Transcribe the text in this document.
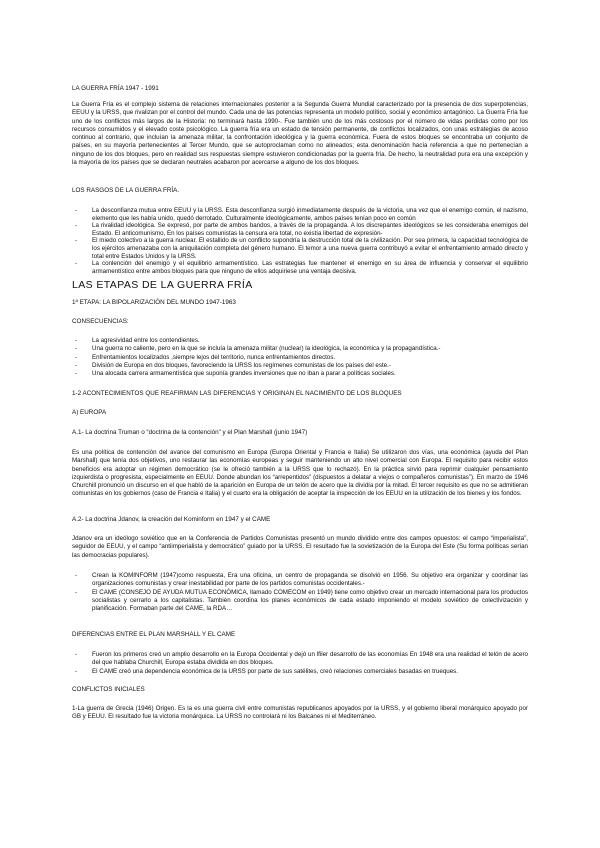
LA GUERRA FRÍA 1947 - 1991

La Guerra Fría es el complejo sistema de relaciones internacionales posterior a la Segunda Guerra Mundial caracterizado por la presencia de dos superpotencias, EEUU y la URSS, que rivalizan por el control del mundo. Cada una de las potencias representa un modelo político, social y económico antagónico. La Guerra Fría fue uno de los conflictos más largos de la Historia: no terminará hasta 1990-. Fue también uno de los más costosos por el número de vidas perdidas como por los recursos consumidos y el elevado coste psicológico. La guerra fría era un estado de tensión permanente, de conflictos localizados, con unas estrategias de acoso continuo al contrario, que incluían la amenaza militar, la confrontación ideológica y la guerra económica. Fuera de estos bloques se encontraba un conjunto de países, en su mayoría pertenecientes al Tercer Mundo, que se autoproclaman como no alineados; esta denominación hacía referencia a que no pertenecían a ninguno de los dos bloques, pero en realidad sus respuestas siempre estuvieron condicionadas por la guerra fría. De hecho, la neutralidad pura era una excepción y la mayoría de los países que se declaran neutrales acabaron por acercarse a alguno de los dos bloques.

LOS RASGOS DE LA GUERRA FRÍA.

- La desconfianza mutua entre EEUU y la URSS. Esta desconfianza surgió inmediatamente después de la victoria, una vez que el enemigo común, el nazismo, elemento que les había unido, quedó derrotado. Culturalmente ideológicamente, ambos países tenían poco en común
- La rivalidad ideológica. Se expresó, por parte de ambos bandos, a través de la propaganda. A los discrepantes ideológicos se les consideraba enemigos del Estado. El anticomunismo, En los países comunistas la censura era total, no existía libertad de expresión-
- El miedo colectivo a la guerra nuclear. El estallido de un conflicto supondría la destrucción total de la civilización. Por sea primera, la capacidad tecnológica de los ejércitos amenazaba con la aniquilación completa del género humano. El temor a una nueva guerra contribuyó a evitar el enfrentamiento armado directo y total entre Estados Unidos y la URSS.
- La conlención del enemigo y el equilibrio armamentístico. Las estrategias fue mantener el enemigo en su área de influencia y conservar el equilibrio armamentístico entre ambos bloques para que ninguno de ellos adquiriese una ventaja decisiva.

LAS ETAPAS DE LA GUERRA FRÍA

1ª ETAPA: LA BIPOLARIZACIÓN DEL MUNDO 1947-1963

CONSECUENCIAS:

- La agresividad entre los contendientes.
- Una guerra no caliente, pero en la que se incluía la amenaza militar (nuclear) la ideológica, la económica y la propagandística.-
- Enfrentamientos localizados ,siempre lejos del territorio, nunca enfrentamientos directos.
- División de Europa en dos bloques, favoreciendo la URSS los regímenes comunistas de los países del este.-
- Una alocada carrera armamentística que suponía grandes inversiones que no iban a parar a políticas sociales.

1-2 ACONTECIMIENTOS QUE REAFIRMAN LAS DIFERENCIAS Y ORIGINAN EL NACIMIENTO DE LOS BLOQUES

A) EUROPA

A.1- La doctrina Truman o “doctrina de la contención” y el Plan Marshall (junio 1947)

Es una política de contención del avance del comunismo en Europa (Europa Oriental y Francia e Italia) Se utilizaron dos vías, una económica (ayuda del Plan Marshall) que tenía dos objetivos, uno restaurar las economías europeas y seguir manteniendo un alto nivel comercial con Europa. El requisito para recibir estos beneficios era adoptar un régimen democrático (se le ofreció también a la URSS que lo rechazó). En la práctica sirvió para reprimir cualquier pensamiento izquierdista o progresista, especialmente en EEUU. Donde abundan los “arrepentidos” (dispuestos a delatar a viejos o compañeros comunistas”). En marzo de 1946 Churchill pronunció un discurso en el que habló de la aparición en Europa de un telón de acero que la dividía por la mitad. El tercer requisito es que no se admitieran comunistas en los gobiernos (caso de Francia e Italia) y el cuarto era la obligación de aceptar la inspección de los EEUU en la utilización de los bienes y los fondos.

A.2- La doctrina Jdanov, la creación del Kominform en 1947 y el CAME

Jdanov era un ideólogo soviético que en la Conferencia de Partidos Comunistas presentó un mundo dividido entre dos campos opuestos: el campo “imperialista”, seguidor de EEUU, y el campo “antiimperialista y democrático” guiado por la URSS. El resultado fue la sovietización de la Europa del Este (Su forma políticas serían las democracias populares).

- Crean la KOMINFORM (1947)como respuesta, Era una oficina, un centro de propaganda se disolvió en 1956. Su objetivo era organizar y coordinar las organizaciones comunistas y crear inestabilidad por parte de los partidos comunistas occidentales.-
- El CAME (CONSEJO DE AYUDA MUTUA ECONÓMICA, llamado COMECOM en 1949) tiene como objetivo crear un mercado internacional para los productos socialistas y cerrarlo a los capitalistas. También coordina los planes económicos de cada estado imponiendo el modelo soviético de colectivización y planificación. Formaban parte del CAME, la RDA…

DIFERENCIAS ENTRE EL PLAN MARSHALL Y EL CAME

- Fueron los primeros creó un amplio desarrollo en la Europa Occidental y dejó un lfiler desarrollo de las economías En 1948 era una realidad el telón de acero del que hablaba Churchill, Europa estaba dividida en dos bloques.
- El CAME creó una dependencia económica de la URSS por parte de sus satélites, creó relaciones comerciales basadas en trueques.

CONFLICTOS INICIALES

1-La guerra de Grecia (1946) Origen. Es la es una guerra civil entre comunistas republicanos apoyados por la URSS, y el gobierno liberal monárquico apoyado por GB y EEUU. El resultado fue la victoria monárquica. La URSS no controlará ni los Balcanes ni el Mediterráneo.
